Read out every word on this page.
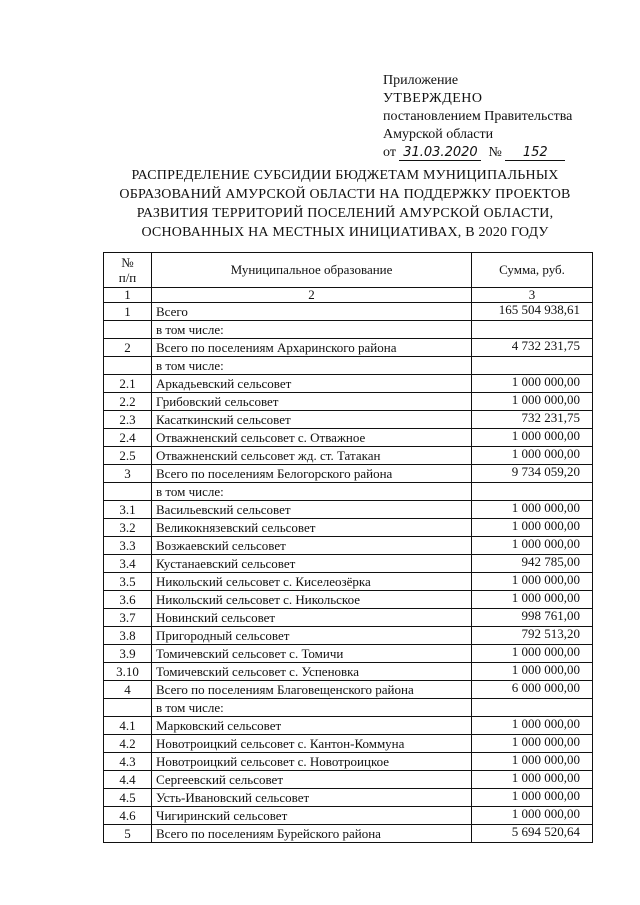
Приложение
УТВЕРЖДЕНО
постановлением Правительства
Амурской области
от 31.03.2020 № 152
РАСПРЕДЕЛЕНИЕ СУБСИДИИ БЮДЖЕТАМ МУНИЦИПАЛЬНЫХ
ОБРАЗОВАНИЙ АМУРСКОЙ ОБЛАСТИ НА ПОДДЕРЖКУ ПРОЕКТОВ
РАЗВИТИЯ ТЕРРИТОРИЙ ПОСЕЛЕНИЙ АМУРСКОЙ ОБЛАСТИ,
ОСНОВАННЫХ НА МЕСТНЫХ ИНИЦИАТИВАХ, В 2020 ГОДУ
№
п/п	Муниципальное образование	Сумма, руб.
1	2	3
1	Всего	165 504 938,61
	в том числе:	
2	Всего по поселениям Архаринского района	4 732 231,75
	в том числе:	
2.1	Аркадьевский сельсовет	1 000 000,00
2.2	Грибовский сельсовет	1 000 000,00
2.3	Касаткинский сельсовет	732 231,75
2.4	Отважненский сельсовет с. Отважное	1 000 000,00
2.5	Отважненский сельсовет жд. ст. Татакан	1 000 000,00
3	Всего по поселениям Белогорского района	9 734 059,20
	в том числе:	
3.1	Васильевский сельсовет	1 000 000,00
3.2	Великокнязевский сельсовет	1 000 000,00
3.3	Возжаевский сельсовет	1 000 000,00
3.4	Кустанаевский сельсовет	942 785,00
3.5	Никольский сельсовет с. Киселеозёрка	1 000 000,00
3.6	Никольский сельсовет с. Никольское	1 000 000,00
3.7	Новинский сельсовет	998 761,00
3.8	Пригородный сельсовет	792 513,20
3.9	Томичевский сельсовет с. Томичи	1 000 000,00
3.10	Томичевский сельсовет с. Успеновка	1 000 000,00
4	Всего по поселениям Благовещенского района	6 000 000,00
	в том числе:	
4.1	Марковский сельсовет	1 000 000,00
4.2	Новотроицкий сельсовет с. Кантон-Коммуна	1 000 000,00
4.3	Новотроицкий сельсовет с. Новотроицкое	1 000 000,00
4.4	Сергеевский сельсовет	1 000 000,00
4.5	Усть-Ивановский сельсовет	1 000 000,00
4.6	Чигиринский сельсовет	1 000 000,00
5	Всего по поселениям Бурейского района	5 694 520,64
